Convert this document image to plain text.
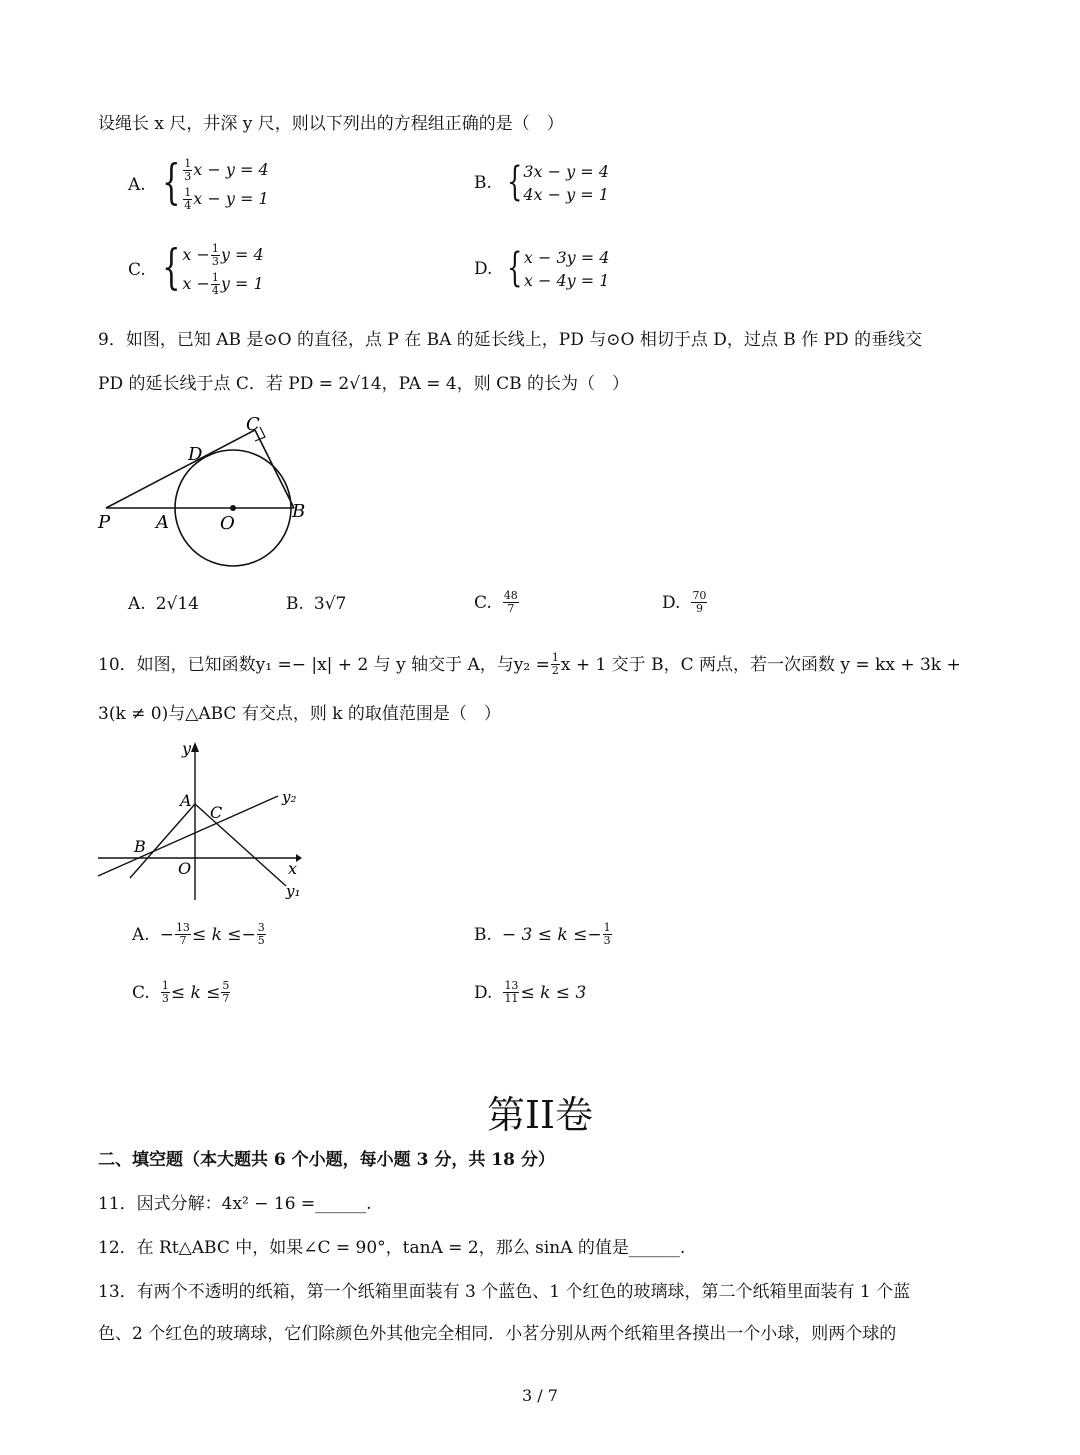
设绳长 x 尺，井深 y 尺，则以下列出的方程组正确的是（　）
A. { $\frac{1}{3}$ x − y = 4
$\frac{1}{4}$ x − y = 1
B. { 3x − y = 4
4x − y = 1
C. { $x - \frac{1}{3}$ y = 4
$x - \frac{1}{4}$ y = 1
D. { x − 3y = 4
x − 4y = 1
9．如图，已知 AB 是⊙O 的直径，点 P 在 BA 的延长线上，PD 与⊙O 相切于点 D，过点 B 作 PD 的垂线交
PD 的延长线于点 C．若 PD = 2√14，PA = 4，则 CB 的长为（　）
C
D
P	A	O
B
A. 2√14	B. 3√7	C. $\frac{48}{7}$	D. $\frac{70}{9}$
10．如图，已知函数y₁ =− |x| + 2 与 y 轴交于 A，与$y_2 = \frac{1}{2}$ x + 1 交于 B，C 两点，若一次函数 y = kx + 3k +
3(k ≠ 0)与△ABC 有交点，则 k 的取值范围是（　）
y
A
C
y₂
B
O	x
y₁
A. − $\frac{13}{7} \le k \le- \frac{3}{5}$	B. − $3 \le k \le- \frac{1}{3}$
C. $\frac{1}{3} \le k \le \frac{5}{7}$	D. $\frac{13}{11} \le k \le 3$
第II卷
二、填空题（本大题共 6 个小题，每小题 3 分，共 18 分）
11．因式分解：4x² − 16 =______.
12．在 Rt△ABC 中，如果∠C = 90°，tanA = 2，那么 sinA 的值是______.
13．有两个不透明的纸箱，第一个纸箱里面装有 3 个蓝色、1 个红色的玻璃球，第二个纸箱里面装有 1 个蓝
色、2 个红色的玻璃球，它们除颜色外其他完全相同．小茗分别从两个纸箱里各摸出一个小球，则两个球的
3 / 7
